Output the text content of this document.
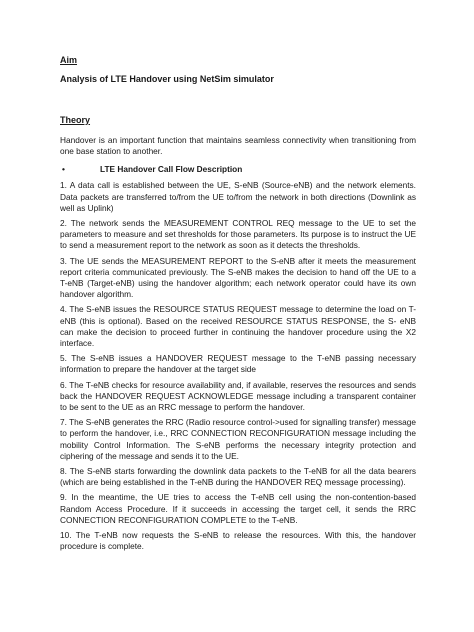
Aim

Analysis of LTE Handover using NetSim simulator

Theory

Handover is an important function that maintains seamless connectivity when transitioning from one base station to another.

•	LTE Handover Call Flow Description

1. A data call is established between the UE, S-eNB (Source-eNB) and the network elements. Data packets are transferred to/from the UE to/from the network in both directions (Downlink as well as Uplink)

2. The network sends the MEASUREMENT CONTROL REQ message to the UE to set the parameters to measure and set thresholds for those parameters. Its purpose is to instruct the UE to send a measurement report to the network as soon as it detects the thresholds.

3. The UE sends the MEASUREMENT REPORT to the S-eNB after it meets the measurement report criteria communicated previously. The S-eNB makes the decision to hand off the UE to a T-eNB (Target-eNB) using the handover algorithm; each network operator could have its own handover algorithm.

4. The S-eNB issues the RESOURCE STATUS REQUEST message to determine the load on T-eNB (this is optional). Based on the received RESOURCE STATUS RESPONSE, the S- eNB can make the decision to proceed further in continuing the handover procedure using the X2 interface.

5. The S-eNB issues a HANDOVER REQUEST message to the T-eNB passing necessary information to prepare the handover at the target side

6. The T-eNB checks for resource availability and, if available, reserves the resources and sends back the HANDOVER REQUEST ACKNOWLEDGE message including a transparent container to be sent to the UE as an RRC message to perform the handover.

7. The S-eNB generates the RRC (Radio resource control->used for signalling transfer) message to perform the handover, i.e., RRC CONNECTION RECONFIGURATION message including the mobility Control Information. The S-eNB performs the necessary integrity protection and ciphering of the message and sends it to the UE.

8. The S-eNB starts forwarding the downlink data packets to the T-eNB for all the data bearers (which are being established in the T-eNB during the HANDOVER REQ message processing).

9. In the meantime, the UE tries to access the T-eNB cell using the non-contention-based Random Access Procedure. If it succeeds in accessing the target cell, it sends the RRC CONNECTION RECONFIGURATION COMPLETE to the T-eNB.

10. The T-eNB now requests the S-eNB to release the resources. With this, the handover procedure is complete.
